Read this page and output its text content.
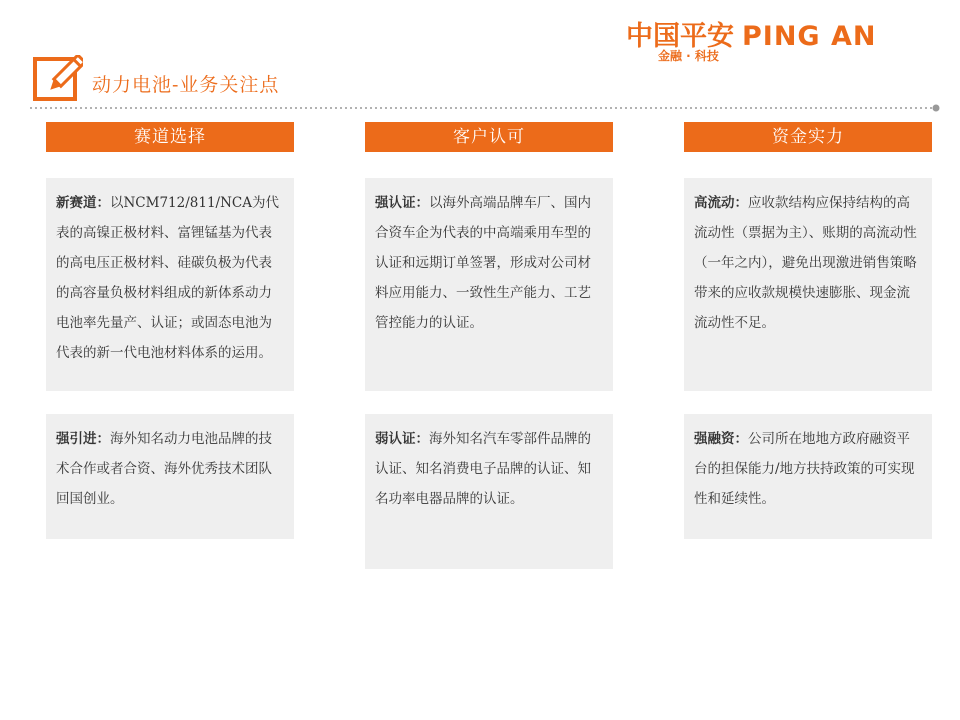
中国平安 PING AN
金融 · 科技
动力电池-业务关注点
赛道选择
新赛道：以NCM712/811/NCA为代表的高镍正极材料、富锂锰基为代表的高电压正极材料、硅碳负极为代表的高容量负极材料组成的新体系动力电池率先量产、认证；或固态电池为代表的新一代电池材料体系的运用。
强引进：海外知名动力电池品牌的技术合作或者合资、海外优秀技术团队回国创业。
客户认可
强认证：以海外高端品牌车厂、国内合资车企为代表的中高端乘用车型的认证和远期订单签署，形成对公司材料应用能力、一致性生产能力、工艺管控能力的认证。
弱认证：海外知名汽车零部件品牌的认证、知名消费电子品牌的认证、知名功率电器品牌的认证。
资金实力
高流动：应收款结构应保持结构的高流动性（票据为主）、账期的高流动性（一年之内），避免出现激进销售策略带来的应收款规模快速膨胀、现金流流动性不足。
强融资：公司所在地地方政府融资平台的担保能力/地方扶持政策的可实现性和延续性。
